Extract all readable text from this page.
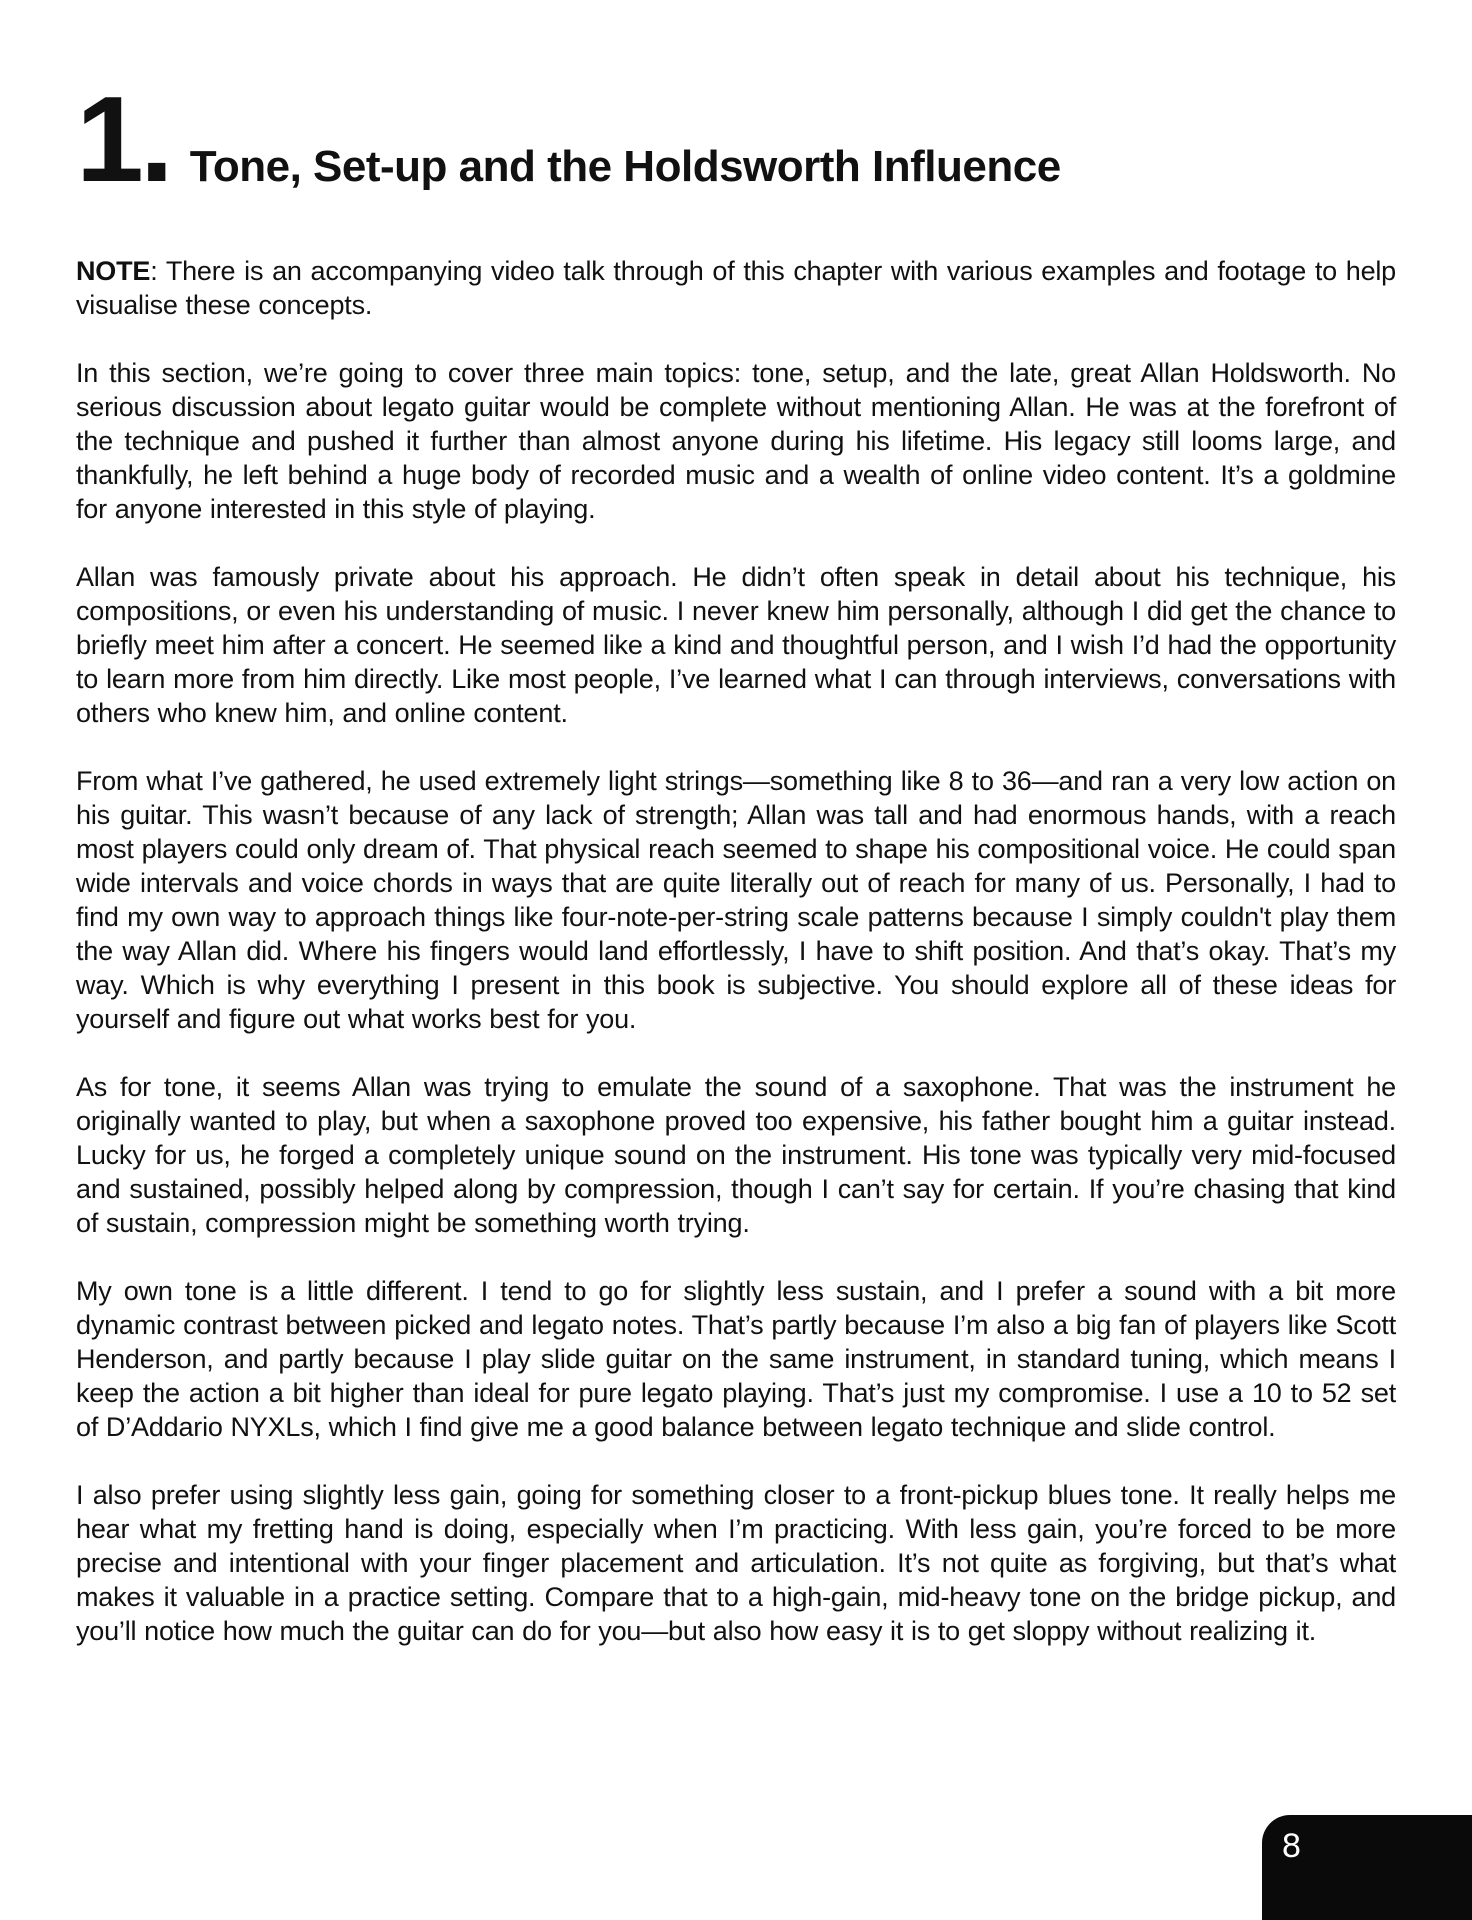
1. Tone, Set-up and the Holdsworth Influence

NOTE: There is an accompanying video talk through of this chapter with various examples and footage to help visualise these concepts.

In this section, we’re going to cover three main topics: tone, setup, and the late, great Allan Holdsworth. No serious discussion about legato guitar would be complete without mentioning Allan. He was at the forefront of the technique and pushed it further than almost anyone during his lifetime. His legacy still looms large, and thankfully, he left behind a huge body of recorded music and a wealth of online video content. It’s a goldmine for anyone interested in this style of playing.

Allan was famously private about his approach. He didn’t often speak in detail about his technique, his compositions, or even his understanding of music. I never knew him personally, although I did get the chance to briefly meet him after a concert. He seemed like a kind and thoughtful person, and I wish I’d had the opportunity to learn more from him directly. Like most people, I’ve learned what I can through interviews, conversations with others who knew him, and online content.

From what I’ve gathered, he used extremely light strings—something like 8 to 36—and ran a very low action on his guitar. This wasn’t because of any lack of strength; Allan was tall and had enormous hands, with a reach most players could only dream of. That physical reach seemed to shape his compositional voice. He could span wide intervals and voice chords in ways that are quite literally out of reach for many of us. Personally, I had to find my own way to approach things like four-note-per-string scale patterns because I simply couldn't play them the way Allan did. Where his fingers would land effortlessly, I have to shift position. And that’s okay. That’s my way. Which is why everything I present in this book is subjective. You should explore all of these ideas for yourself and figure out what works best for you.

As for tone, it seems Allan was trying to emulate the sound of a saxophone. That was the instrument he originally wanted to play, but when a saxophone proved too expensive, his father bought him a guitar instead. Lucky for us, he forged a completely unique sound on the instrument. His tone was typically very mid-focused and sustained, possibly helped along by compression, though I can’t say for certain. If you’re chasing that kind of sustain, compression might be something worth trying.

My own tone is a little different. I tend to go for slightly less sustain, and I prefer a sound with a bit more dynamic contrast between picked and legato notes. That’s partly because I’m also a big fan of players like Scott Henderson, and partly because I play slide guitar on the same instrument, in standard tuning, which means I keep the action a bit higher than ideal for pure legato playing. That’s just my compromise. I use a 10 to 52 set of D’Addario NYXLs, which I find give me a good balance between legato technique and slide control.

I also prefer using slightly less gain, going for something closer to a front-pickup blues tone. It really helps me hear what my fretting hand is doing, especially when I’m practicing. With less gain, you’re forced to be more precise and intentional with your finger placement and articulation. It’s not quite as forgiving, but that’s what makes it valuable in a practice setting. Compare that to a high-gain, mid-heavy tone on the bridge pickup, and you’ll notice how much the guitar can do for you—but also how easy it is to get sloppy without realizing it.

8
